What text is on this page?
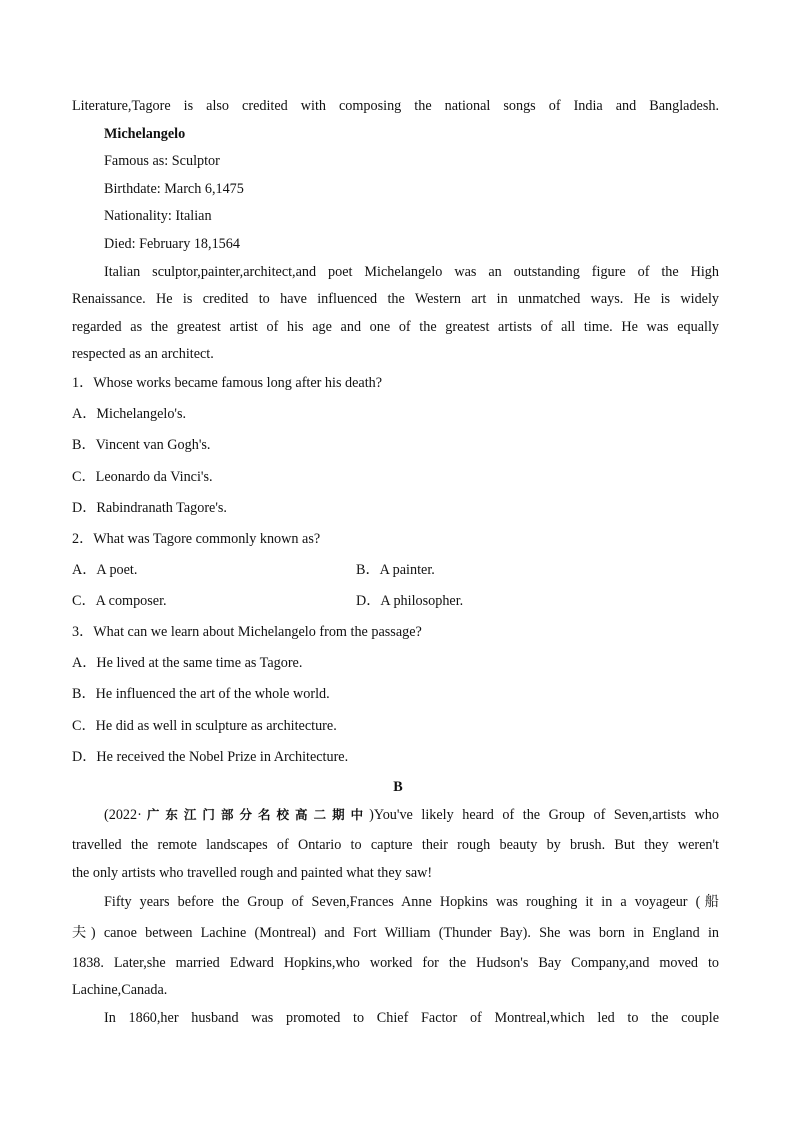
Literature,Tagore is also credited with composing the national songs of India and Bangladesh.
Michelangelo
Famous as: Sculptor
Birthdate: March 6,1475
Nationality: Italian
Died: February 18,1564
Italian sculptor,painter,architect,and poet Michelangelo was an outstanding figure of the High
Renaissance. He is credited to have influenced the Western art in unmatched ways. He is widely
regarded as the greatest artist of his age and one of the greatest artists of all time. He was equally
respected as an architect.
1．Whose works became famous long after his death?
A．Michelangelo's.
B．Vincent van Gogh's.
C．Leonardo da Vinci's.
D．Rabindranath Tagore's.
2．What was Tagore commonly known as?
A．A poet.	B．A painter.
C．A composer.	D．A philosopher.
3．What can we learn about Michelangelo from the passage?
A．He lived at the same time as Tagore.
B．He influenced the art of the whole world.
C．He did as well in sculpture as architecture.
D．He received the Nobel Prize in Architecture.
B
(2022·广东江门部分名校高二期中)You've likely heard of the Group of Seven,artists who
travelled the remote landscapes of Ontario to capture their rough beauty by brush. But they weren't
the only artists who travelled rough and painted what they saw!
Fifty years before the Group of Seven,Frances Anne Hopkins was roughing it in a voyageur (船
夫) canoe between Lachine (Montreal) and Fort William (Thunder Bay). She was born in England in
1838. Later,she married Edward Hopkins,who worked for the Hudson's Bay Company,and moved to
Lachine,Canada.
In 1860,her husband was promoted to Chief Factor of Montreal,which led to the couple
